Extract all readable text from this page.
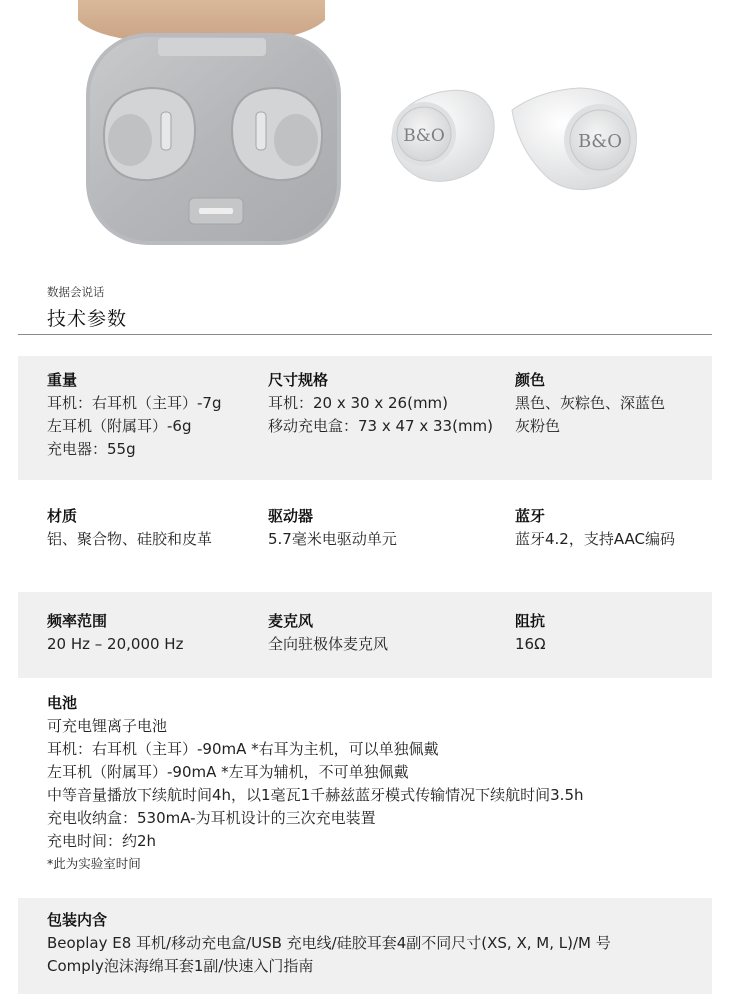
B&O	B&O
数据会说话
技术参数
重量
耳机：右耳机（主耳）-7g
左耳机（附属耳）-6g
充电器：55g
尺寸规格
耳机：20 x 30 x 26(mm)
移动充电盒：73 x 47 x 33(mm)
颜色
黑色、灰粽色、深蓝色
灰粉色
材质
铝、聚合物、硅胶和皮革
驱动器
5.7毫米电驱动单元
蓝牙
蓝牙4.2，支持AAC编码
频率范围
20 Hz – 20,000 Hz
麦克风
全向驻极体麦克风
阻抗
16Ω
电池
可充电锂离子电池
耳机：右耳机（主耳）-90mA *右耳为主机，可以单独佩戴
左耳机（附属耳）-90mA *左耳为辅机，不可单独佩戴
中等音量播放下续航时间4h，以1毫瓦1千赫兹蓝牙模式传输情况下续航时间3.5h
充电收纳盒：530mA-为耳机设计的三次充电装置
充电时间：约2h
*此为实验室时间
包装内含
Beoplay E8 耳机/移动充电盒/USB 充电线/硅胶耳套4副不同尺寸(XS, X, M, L)/M 号
Comply泡沫海绵耳套1副/快速入门指南
